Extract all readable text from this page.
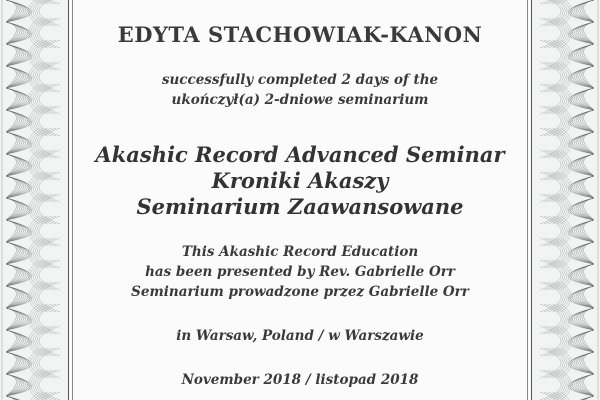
EDYTA STACHOWIAK-KANON

successfully completed 2 days of the

ukończył(a) 2-dniowe seminarium

Akashic Record Advanced Seminar
Kroniki Akaszy
Seminarium Zaawansowane

This Akashic Record Education

has been presented by Rev. Gabrielle Orr

Seminarium prowadzone przez Gabrielle Orr

in Warsaw, Poland / w Warszawie

November 2018 / listopad 2018
